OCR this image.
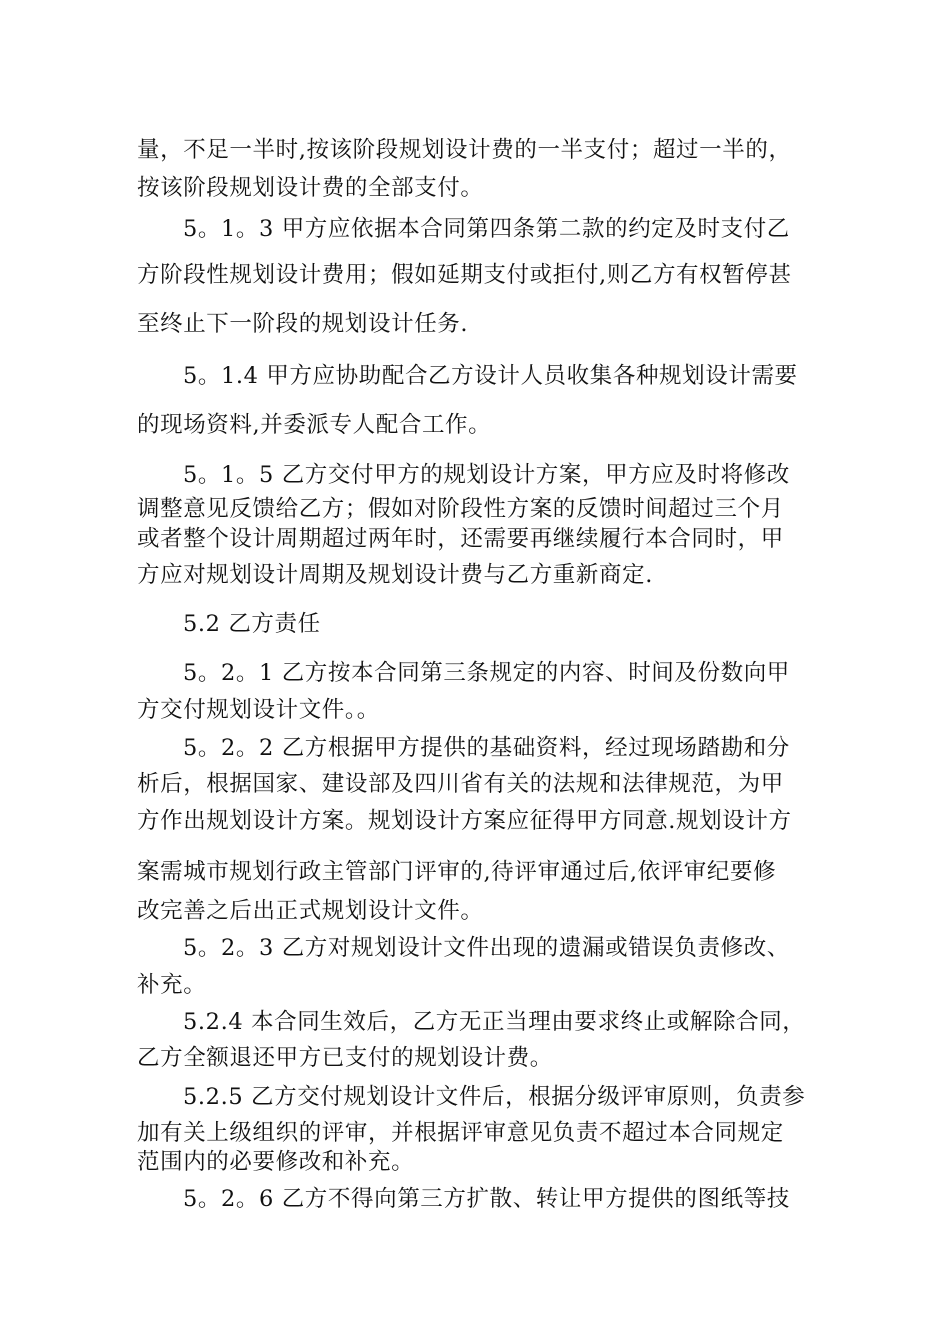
量，不足一半时,按该阶段规划设计费的一半支付；超过一半的，
按该阶段规划设计费的全部支付。
5。1。3 甲方应依据本合同第四条第二款的约定及时支付乙
方阶段性规划设计费用；假如延期支付或拒付,则乙方有权暂停甚
至终止下一阶段的规划设计任务.
5。1.4 甲方应协助配合乙方设计人员收集各种规划设计需要
的现场资料,并委派专人配合工作。
5。1。5 乙方交付甲方的规划设计方案，甲方应及时将修改
调整意见反馈给乙方；假如对阶段性方案的反馈时间超过三个月
或者整个设计周期超过两年时，还需要再继续履行本合同时，甲
方应对规划设计周期及规划设计费与乙方重新商定.
5.2 乙方责任
5。2。1 乙方按本合同第三条规定的内容、时间及份数向甲
方交付规划设计文件。。
5。2。2 乙方根据甲方提供的基础资料，经过现场踏勘和分
析后，根据国家、建设部及四川省有关的法规和法律规范，为甲
方作出规划设计方案。规划设计方案应征得甲方同意.规划设计方
案需城市规划行政主管部门评审的,待评审通过后,依评审纪要修
改完善之后出正式规划设计文件。
5。2。3 乙方对规划设计文件出现的遗漏或错误负责修改、
补充。
5.2.4 本合同生效后，乙方无正当理由要求终止或解除合同，
乙方全额退还甲方已支付的规划设计费。
5.2.5 乙方交付规划设计文件后，根据分级评审原则，负责参
加有关上级组织的评审，并根据评审意见负责不超过本合同规定
范围内的必要修改和补充。
5。2。6 乙方不得向第三方扩散、转让甲方提供的图纸等技
